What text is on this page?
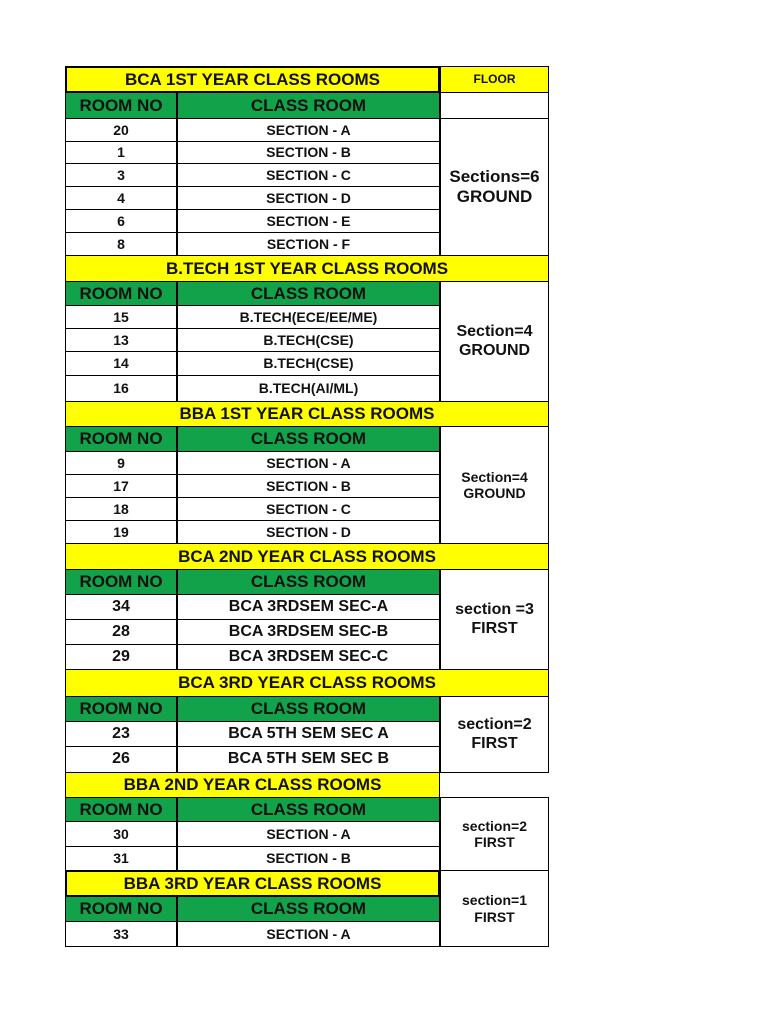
FLOOR
BCA 1ST YEAR CLASS ROOMS
ROOM NO	CLASS ROOM
20	SECTION - A
1	SECTION - B
3	SECTION - C
4	SECTION - D
6	SECTION - E
8	SECTION - F
Sections=6
GROUND
B.TECH 1ST YEAR CLASS ROOMS
ROOM NO	CLASS ROOM
15	B.TECH(ECE/EE/ME)
13	B.TECH(CSE)
14	B.TECH(CSE)
16	B.TECH(AI/ML)
Section=4
GROUND
BBA 1ST YEAR CLASS ROOMS
ROOM NO	CLASS ROOM
9	SECTION - A
17	SECTION - B
18	SECTION - C
19	SECTION - D
Section=4
GROUND
BCA 2ND YEAR CLASS ROOMS
ROOM NO	CLASS ROOM
34	BCA 3RDSEM SEC-A
28	BCA 3RDSEM SEC-B
29	BCA 3RDSEM SEC-C
section =3
FIRST
BCA 3RD YEAR CLASS ROOMS
ROOM NO	CLASS ROOM
23	BCA 5TH SEM SEC A
26	BCA 5TH SEM SEC B
section=2
FIRST
BBA 2ND YEAR CLASS ROOMS
ROOM NO	CLASS ROOM
30	SECTION - A
31	SECTION - B
section=2
FIRST
BBA 3RD YEAR CLASS ROOMS
ROOM NO	CLASS ROOM
33	SECTION - A
section=1
FIRST
